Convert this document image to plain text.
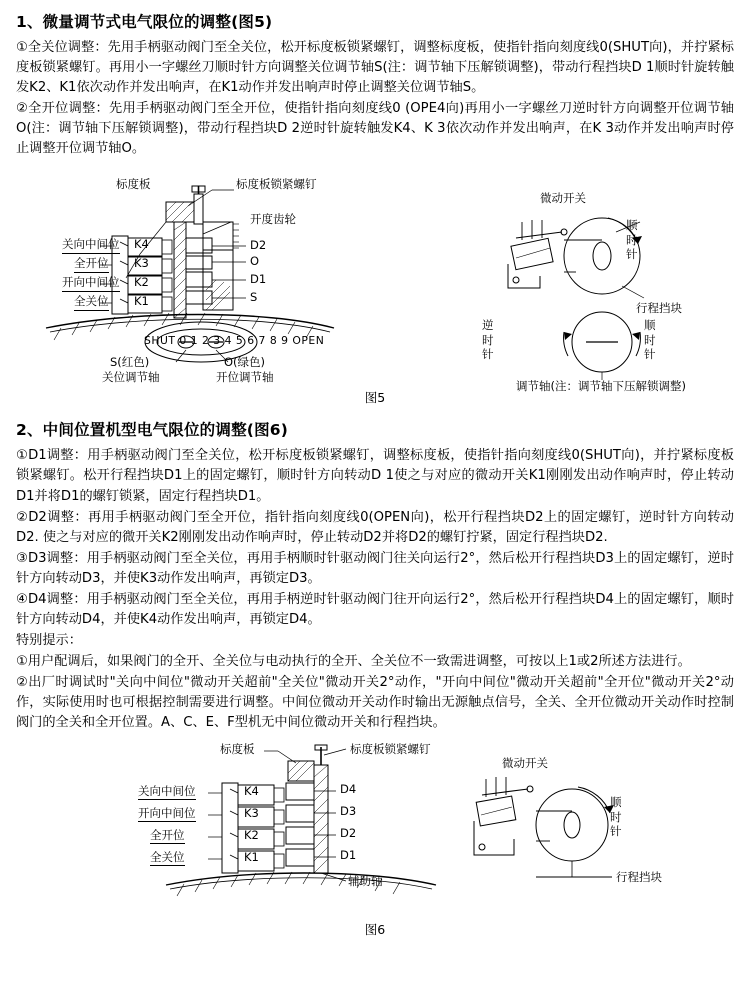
1、微量调节式电气限位的调整(图5)

①全关位调整：先用手柄驱动阀门至全关位，松开标度板锁紧螺钉，调整标度板，使指针指向刻度线0(SHUT向)，并拧紧标度板锁紧螺钉。再用小一字螺丝刀顺时针方向调整关位调节轴S(注：调节轴下压解锁调整)，带动行程挡块D 1顺时针旋转触发K2、K1依次动作并发出响声，在K1动作并发出响声时停止调整关位调节轴S。

②全开位调整：先用手柄驱动阀门至全开位，使指针指向刻度线0 (OPE4向)再用小一字螺丝刀逆时针方向调整开位调节轴O(注：调节轴下压解锁调整)，带动行程挡块D 2逆时针旋转触发K4、K 3依次动作并发出响声，在K 3动作并发出响声时停止调整开位调节轴O。

标度板	标度板锁紧螺钉
开度齿轮
关向中间位
全开位
开向中间位
全关位
K4
K3
K2
K1
D2
O
D1
S
SHUT 0 1 2 3 4 5 6 7 8 9 OPEN
S(红色)
关位调节轴
O(绿色)
开位调节轴
微动开关
顺时针
行程挡块
逆时针
顺时针
调节轴(注：调节轴下压解锁调整)
图5
2、中间位置机型电气限位的调整(图6)

①D1调整：用手柄驱动阀门至全关位，松开标度板锁紧螺钉，调整标度板，使指针指向刻度线0(SHUT向)，并拧紧标度板锁紧螺钉。松开行程挡块D1上的固定螺钉，顺时针方向转动D 1使之与对应的微动开关K1刚刚发出动作响声时，停止转动D1并将D1的螺钉锁紧，固定行程挡块D1。

②D2调整：再用手柄驱动阀门至全开位，指针指向刻度线0(OPEN向)，松开行程挡块D2上的固定螺钉，逆时针方向转动D2. 使之与对应的微开关K2刚刚发出动作响声时，停止转动D2并将D2的螺钉拧紧，固定行程挡块D2.

③D3调整：用手柄驱动阀门至全关位，再用手柄顺时针驱动阀门往关向运行2°，然后松开行程挡块D3上的固定螺钉，逆时针方向转动D3，并使K3动作发出响声，再锁定D3。

④D4调整：用手柄驱动阀门至全关位，再用手柄逆时针驱动阀门往开向运行2°，然后松开行程挡块D4上的固定螺钉，顺时针方向转动D4，并使K4动作发出响声，再锁定D4。

特别提示：

①用户配调后，如果阀门的全开、全关位与电动执行的全开、全关位不一致需进调整，可按以上1或2所述方法进行。

②出厂时调试时"关向中间位"微动开关超前"全关位"微动开关2°动作，"开向中间位"微动开关超前"全开位"微动开关2°动作，实际使用时也可根据控制需要进行调整。中间位微动开关动作时输出无源触点信号，全关、全开位微动开关动作时控制阀门的全关和全开位置。A、C、E、F型机无中间位微动开关和行程挡块。

标度板	标度板锁紧螺钉
微动开关
顺时针
关向中间位
开向中间位
全开位
全关位
K4
K3
K2
K1
D4
D3
D2
D1
辅助轴	行程挡块
图6
